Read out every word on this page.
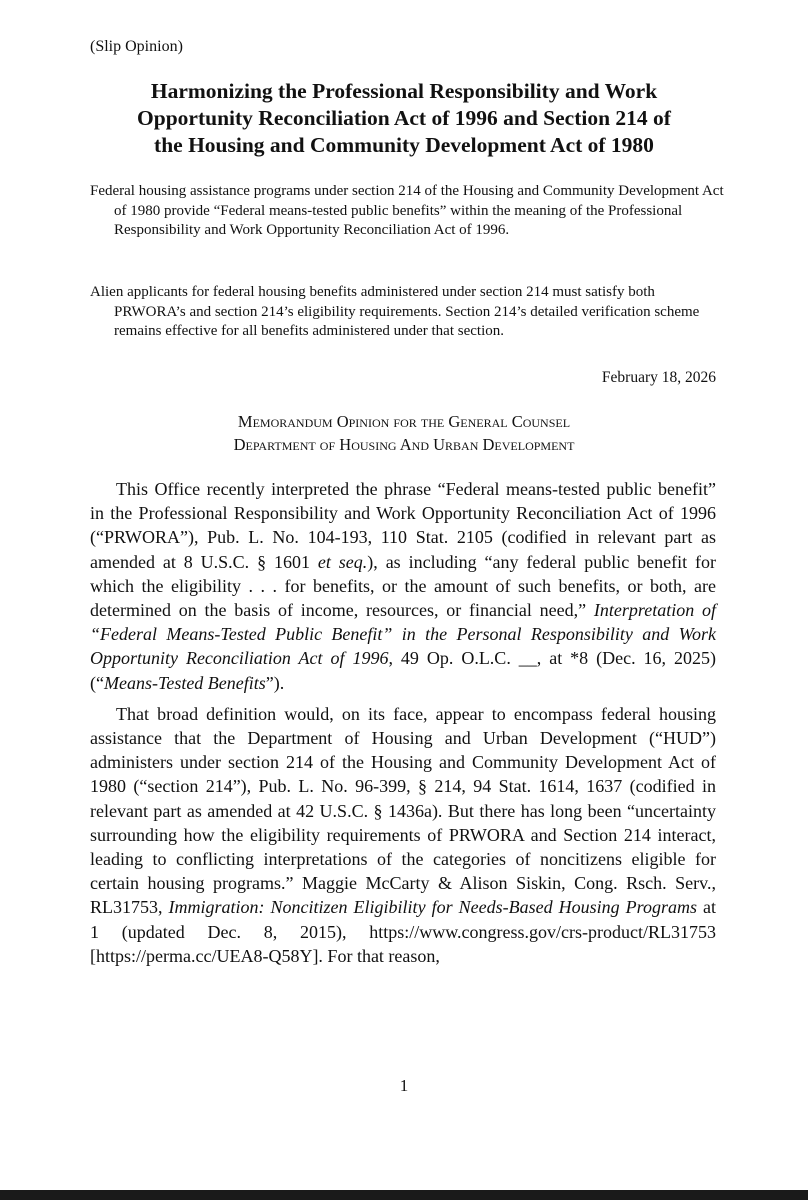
(Slip Opinion)
Harmonizing the Professional Responsibility and Work
Opportunity Reconciliation Act of 1996 and Section 214 of
the Housing and Community Development Act of 1980

Federal housing assistance programs under section 214 of the Housing and Community Development Act of 1980 provide “Federal means-tested public benefits” within the meaning of the Professional Responsibility and Work Opportunity Reconciliation Act of 1996.

Alien applicants for federal housing benefits administered under section 214 must satisfy both PRWORA’s and section 214’s eligibility requirements. Section 214’s detailed verification scheme remains effective for all benefits administered under that section.

February 18, 2026
Memorandum Opinion for the General Counsel
Department of Housing And Urban Development

This Office recently interpreted the phrase “Federal means-tested public benefit” in the Professional Responsibility and Work Opportunity Reconciliation Act of 1996 (“PRWORA”), Pub. L. No. 104-193, 110 Stat. 2105 (codified in relevant part as amended at 8 U.S.C. § 1601 et seq.), as including “any federal public benefit for which the eligibility . . . for benefits, or the amount of such benefits, or both, are determined on the basis of income, resources, or financial need,” Interpretation of “Federal Means-Tested Public Benefit” in the Personal Responsibility and Work Opportunity Reconciliation Act of 1996, 49 Op. O.L.C. __, at *8 (Dec. 16, 2025) (“Means-Tested Benefits”).

That broad definition would, on its face, appear to encompass federal housing assistance that the Department of Housing and Urban Development (“HUD”) administers under section 214 of the Housing and Community Development Act of 1980 (“section 214”), Pub. L. No. 96-399, § 214, 94 Stat. 1614, 1637 (codified in relevant part as amended at 42 U.S.C. § 1436a). But there has long been “uncertainty surrounding how the eligibility requirements of PRWORA and Section 214 interact, leading to conflicting interpretations of the categories of noncitizens eligible for certain housing programs.” Maggie McCarty & Alison Siskin, Cong. Rsch. Serv., RL31753, Immigration: Noncitizen Eligibility for Needs-Based Housing Programs at 1 (updated Dec. 8, 2015), https://www.congress.gov/crs-product/RL31753 [https://perma.cc/UEA8-Q58Y]. For that reason,

1
